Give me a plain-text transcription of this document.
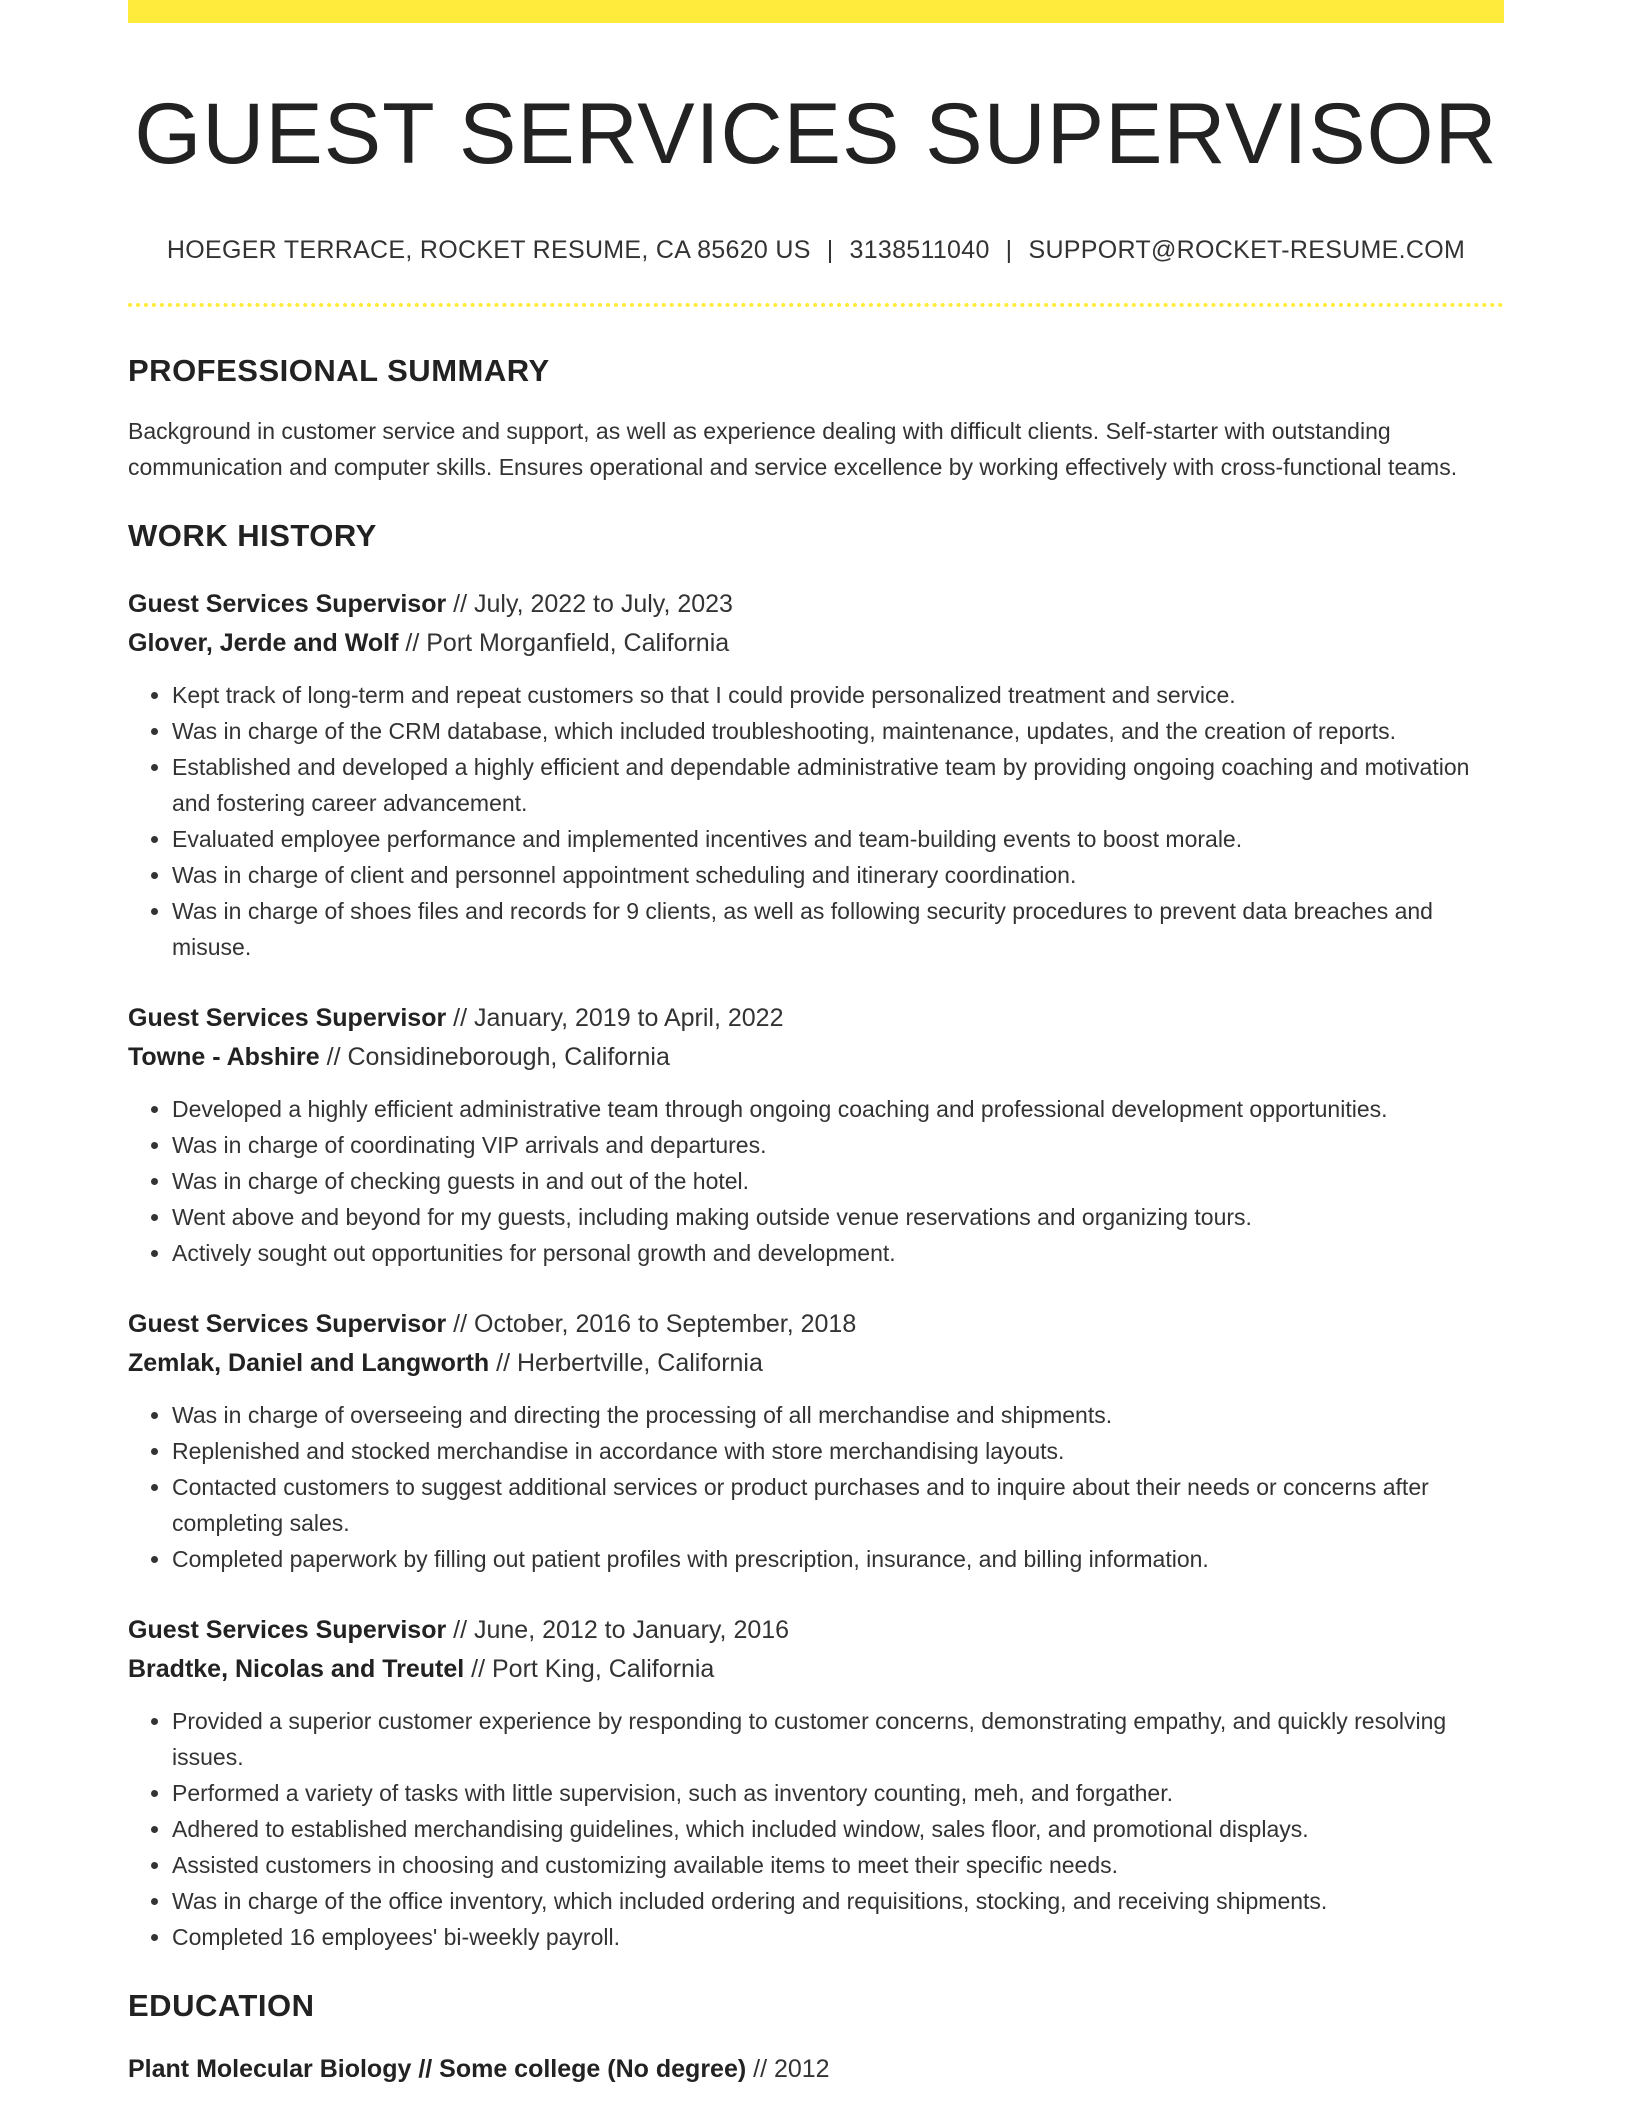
GUEST SERVICES SUPERVISOR
HOEGER TERRACE, ROCKET RESUME, CA 85620 US | 3138511040 | SUPPORT@ROCKET-RESUME.COM
PROFESSIONAL SUMMARY
Background in customer service and support, as well as experience dealing with difficult clients. Self-starter with outstanding communication and computer skills. Ensures operational and service excellence by working effectively with cross-functional teams.
WORK HISTORY
Guest Services Supervisor // July, 2022 to July, 2023
Glover, Jerde and Wolf // Port Morganfield, California
• Kept track of long-term and repeat customers so that I could provide personalized treatment and service.
• Was in charge of the CRM database, which included troubleshooting, maintenance, updates, and the creation of reports.
• Established and developed a highly efficient and dependable administrative team by providing ongoing coaching and motivation and fostering career advancement.
• Evaluated employee performance and implemented incentives and team-building events to boost morale.
• Was in charge of client and personnel appointment scheduling and itinerary coordination.
• Was in charge of shoes files and records for 9 clients, as well as following security procedures to prevent data breaches and misuse.
Guest Services Supervisor // January, 2019 to April, 2022
Towne - Abshire // Considineborough, California
• Developed a highly efficient administrative team through ongoing coaching and professional development opportunities.
• Was in charge of coordinating VIP arrivals and departures.
• Was in charge of checking guests in and out of the hotel.
• Went above and beyond for my guests, including making outside venue reservations and organizing tours.
• Actively sought out opportunities for personal growth and development.
Guest Services Supervisor // October, 2016 to September, 2018
Zemlak, Daniel and Langworth // Herbertville, California
• Was in charge of overseeing and directing the processing of all merchandise and shipments.
• Replenished and stocked merchandise in accordance with store merchandising layouts.
• Contacted customers to suggest additional services or product purchases and to inquire about their needs or concerns after completing sales.
• Completed paperwork by filling out patient profiles with prescription, insurance, and billing information.
Guest Services Supervisor // June, 2012 to January, 2016
Bradtke, Nicolas and Treutel // Port King, California
• Provided a superior customer experience by responding to customer concerns, demonstrating empathy, and quickly resolving issues.
• Performed a variety of tasks with little supervision, such as inventory counting, meh, and forgather.
• Adhered to established merchandising guidelines, which included window, sales floor, and promotional displays.
• Assisted customers in choosing and customizing available items to meet their specific needs.
• Was in charge of the office inventory, which included ordering and requisitions, stocking, and receiving shipments.
• Completed 16 employees' bi-weekly payroll.
EDUCATION
Plant Molecular Biology // Some college (No degree) // 2012
